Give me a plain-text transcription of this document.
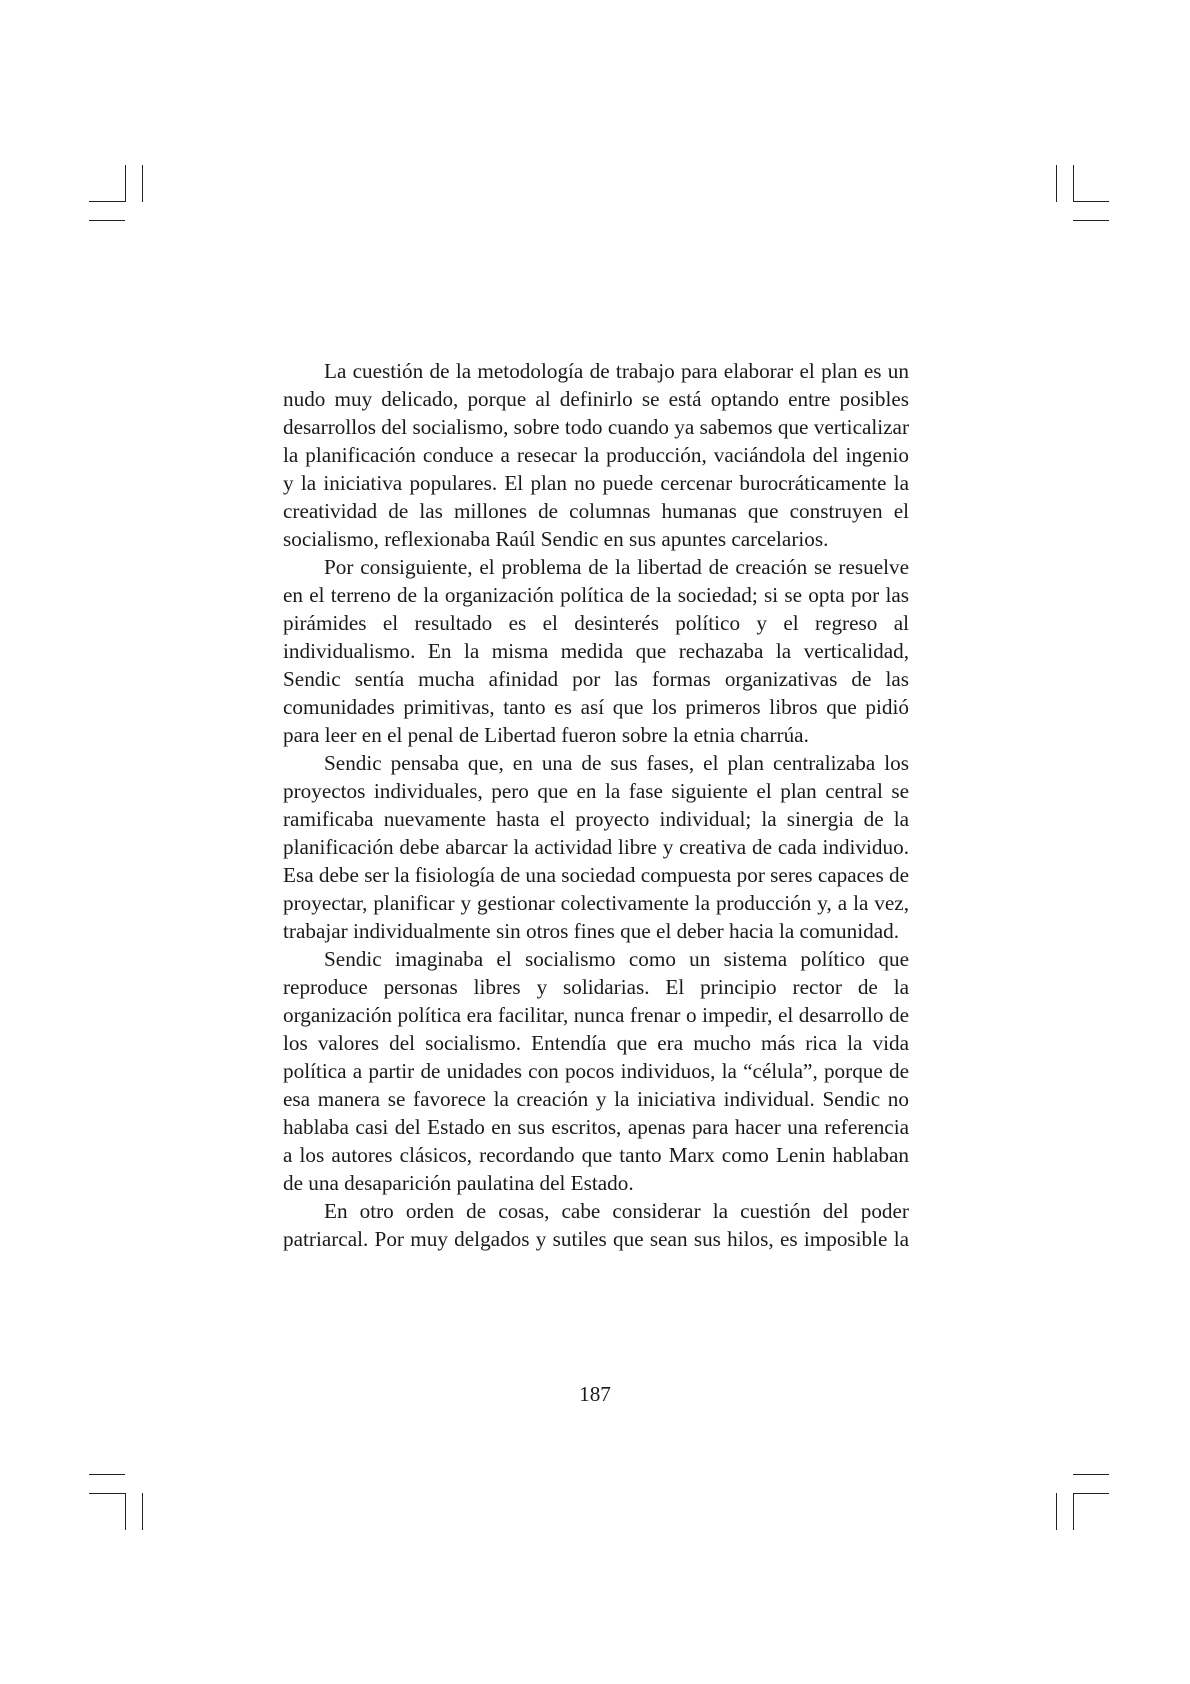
La cuestión de la metodología de trabajo para elaborar el plan es un nudo muy delicado, porque al definirlo se está optando entre posibles desarrollos del socialismo, sobre todo cuando ya sabemos que verticalizar la planificación conduce a resecar la producción, vaciándola del ingenio y la iniciativa populares. El plan no puede cercenar burocráticamente la creatividad de las millones de columnas humanas que construyen el socialismo, reflexionaba Raúl Sendic en sus apuntes carcelarios.

Por consiguiente, el problema de la libertad de creación se resuelve en el terreno de la organización política de la sociedad; si se opta por las pirámides el resultado es el desinterés político y el regreso al individualismo. En la misma medida que rechazaba la verticalidad, Sendic sentía mucha afinidad por las formas organizativas de las comunidades primitivas, tanto es así que los primeros libros que pidió para leer en el penal de Libertad fueron sobre la etnia charrúa.

Sendic pensaba que, en una de sus fases, el plan centralizaba los proyectos individuales, pero que en la fase siguiente el plan central se ramificaba nuevamente hasta el proyecto individual; la sinergia de la planificación debe abarcar la actividad libre y creativa de cada individuo. Esa debe ser la fisiología de una sociedad compuesta por seres capaces de proyectar, planificar y gestionar colectivamente la producción y, a la vez, trabajar individualmente sin otros fines que el deber hacia la comunidad.

Sendic imaginaba el socialismo como un sistema político que reproduce personas libres y solidarias. El principio rector de la organización política era facilitar, nunca frenar o impedir, el desarrollo de los valores del socialismo. Entendía que era mucho más rica la vida política a partir de unidades con pocos individuos, la “célula”, porque de esa manera se favorece la creación y la iniciativa individual. Sendic no hablaba casi del Estado en sus escritos, apenas para hacer una referencia a los autores clásicos, recordando que tanto Marx como Lenin hablaban de una desaparición paulatina del Estado.

En otro orden de cosas, cabe considerar la cuestión del poder patriarcal. Por muy delgados y sutiles que sean sus hilos, es imposible la

187
